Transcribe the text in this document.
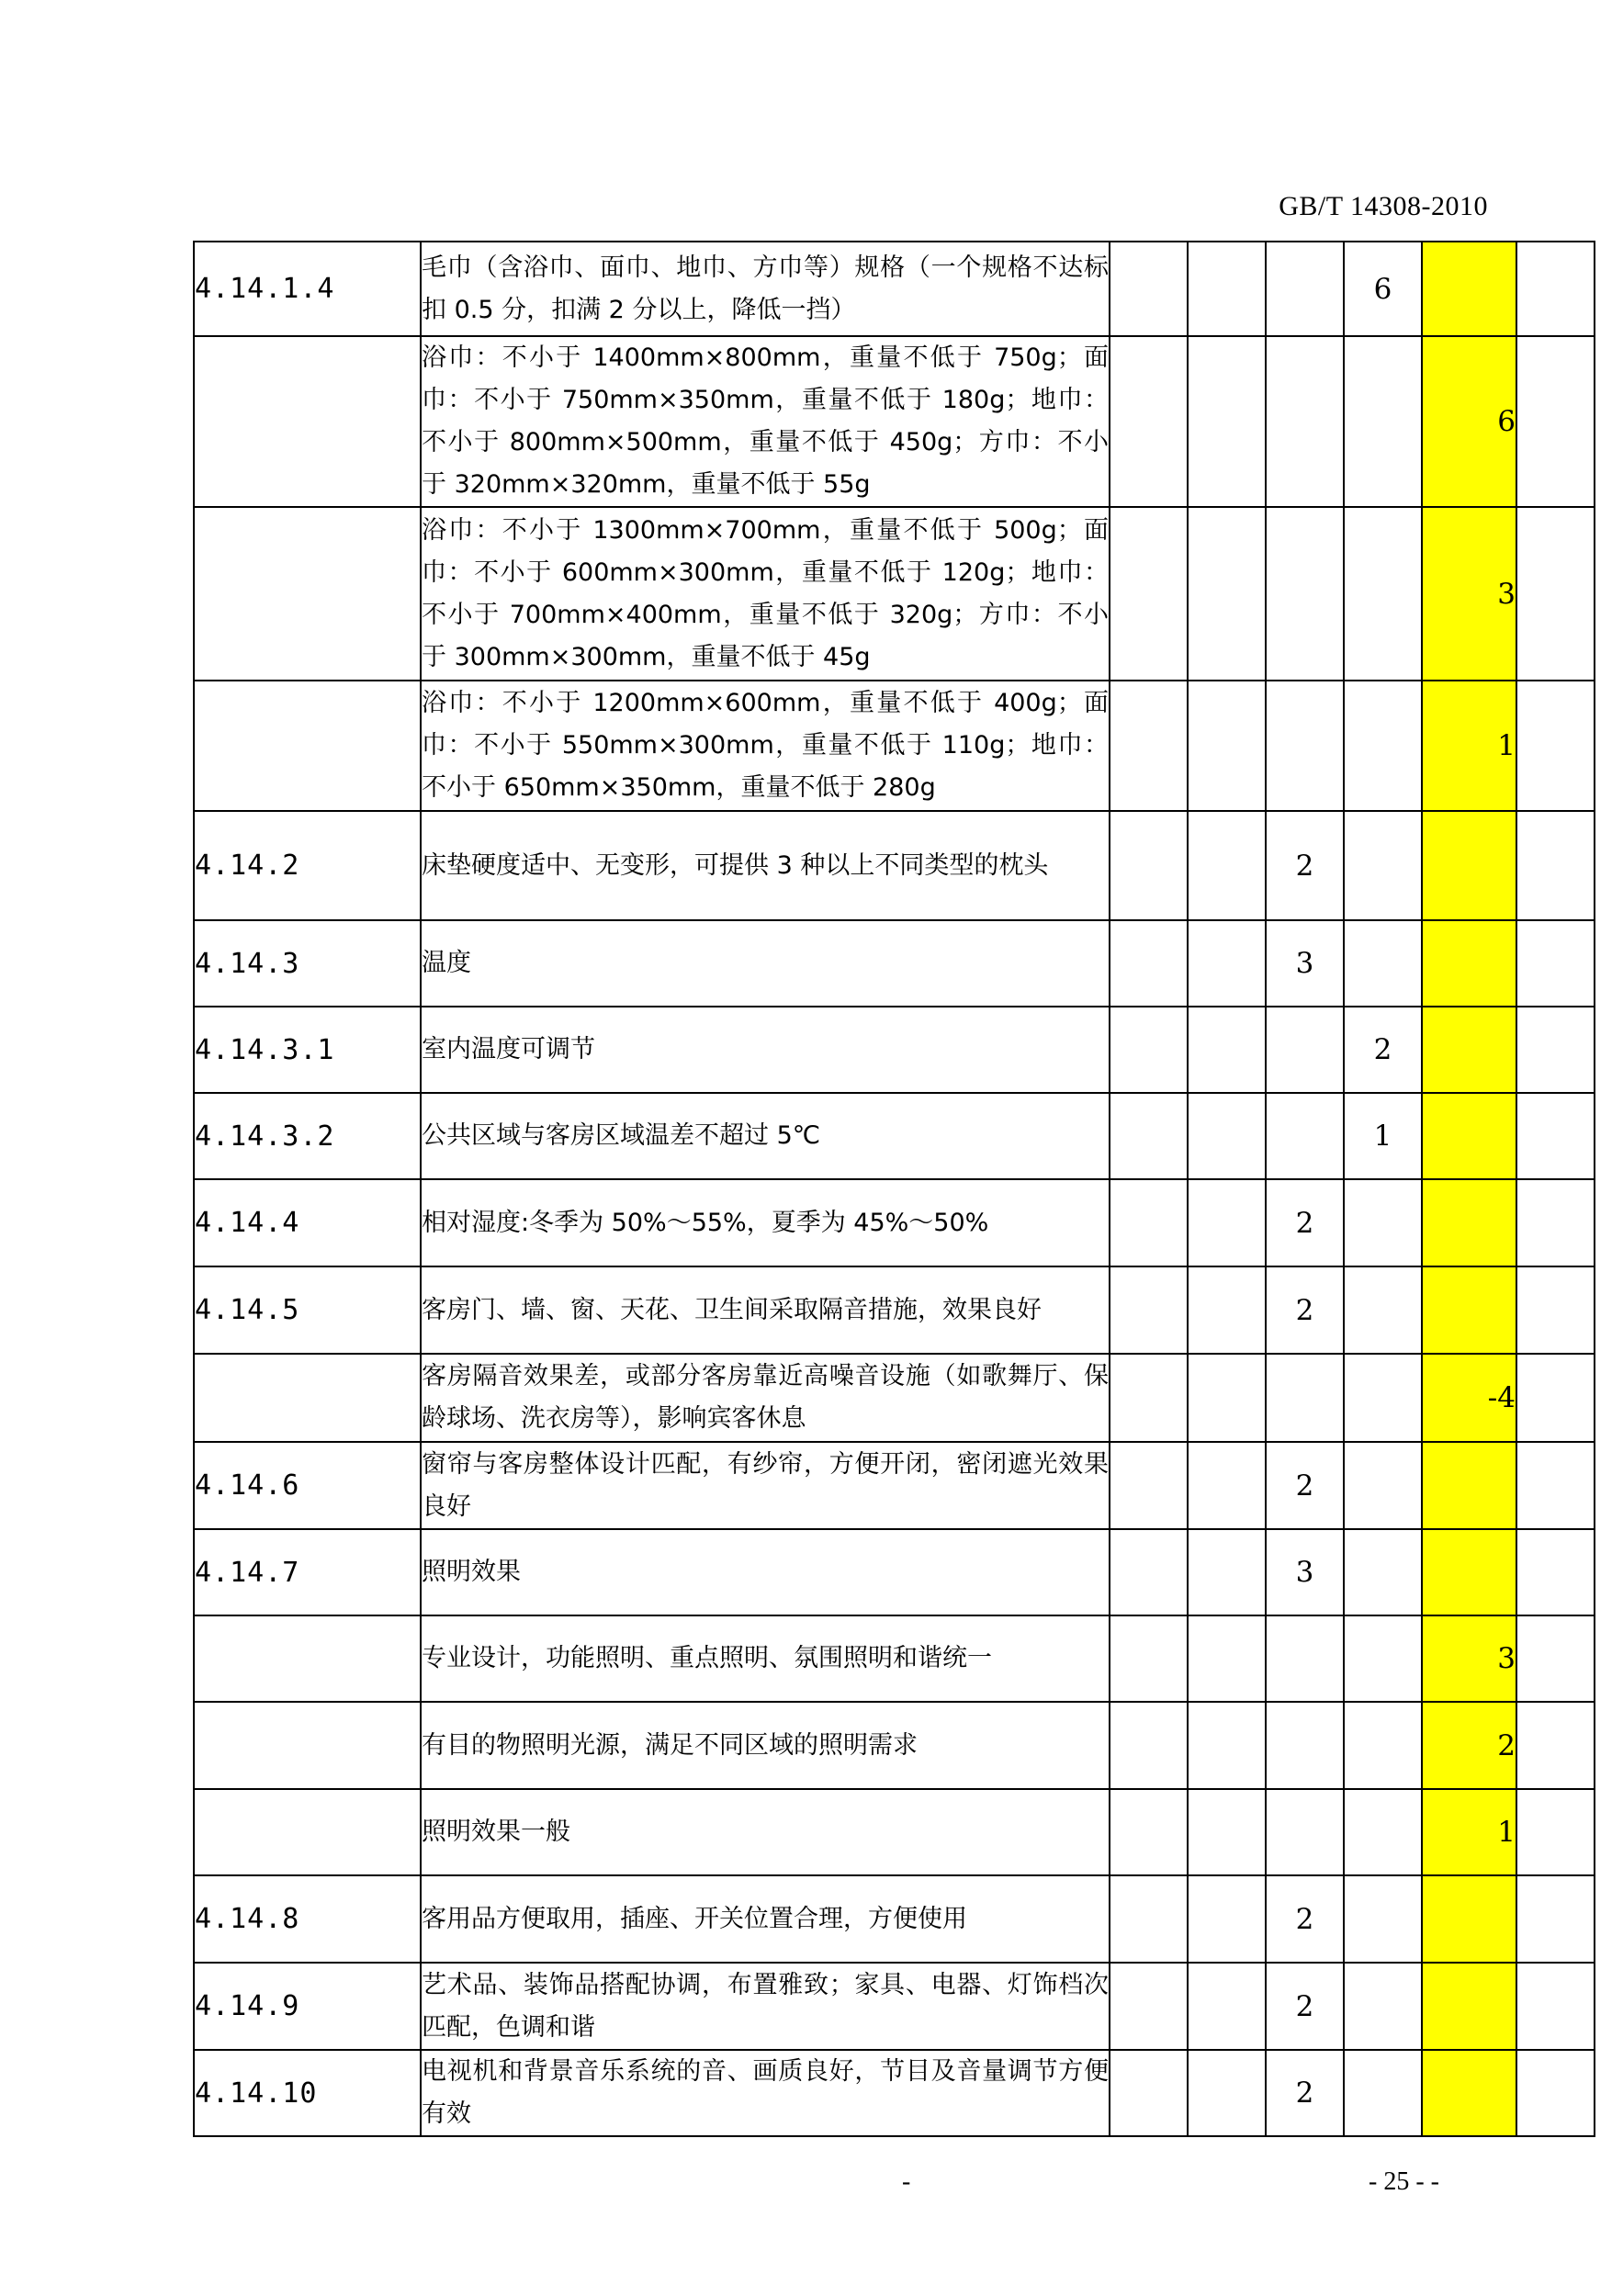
GB/T 14308-2010
4.14.1.4	毛巾（含浴巾、面巾、地巾、方巾等）规格（一个规格不达标扣 0.5 分，扣满 2 分以上，降低一挡）				6		
	浴巾：不小于 1400mm×800mm，重量不低于 750g；面巾：不小于 750mm×350mm，重量不低于 180g；地巾：不小于 800mm×500mm，重量不低于 450g；方巾：不小于 320mm×320mm，重量不低于 55g					6	
	浴巾：不小于 1300mm×700mm，重量不低于 500g；面巾：不小于 600mm×300mm，重量不低于 120g；地巾：不小于 700mm×400mm，重量不低于 320g；方巾：不小于 300mm×300mm，重量不低于 45g					3	
	浴巾：不小于 1200mm×600mm，重量不低于 400g；面巾：不小于 550mm×300mm，重量不低于 110g；地巾：不小于 650mm×350mm，重量不低于 280g					1	
4.14.2	床垫硬度适中、无变形，可提供 3 种以上不同类型的枕头			2			
4.14.3	温度			3			
4.14.3.1	室内温度可调节				2		
4.14.3.2	公共区域与客房区域温差不超过 5℃				1		
4.14.4	相对湿度:冬季为 50%～55%，夏季为 45%～50%			2			
4.14.5	客房门、墙、窗、天花、卫生间采取隔音措施，效果良好			2			
	客房隔音效果差，或部分客房靠近高噪音设施（如歌舞厅、保龄球场、洗衣房等），影响宾客休息					-4	
4.14.6	窗帘与客房整体设计匹配，有纱帘，方便开闭，密闭遮光效果良好			2			
4.14.7	照明效果			3			
	专业设计，功能照明、重点照明、氛围照明和谐统一					3	
	有目的物照明光源，满足不同区域的照明需求					2	
	照明效果一般					1	
4.14.8	客用品方便取用，插座、开关位置合理，方便使用			2			
4.14.9	艺术品、装饰品搭配协调，布置雅致；家具、电器、灯饰档次匹配，色调和谐			2			
4.14.10	电视机和背景音乐系统的音、画质良好，节目及音量调节方便有效			2			
-	- 25 - -
